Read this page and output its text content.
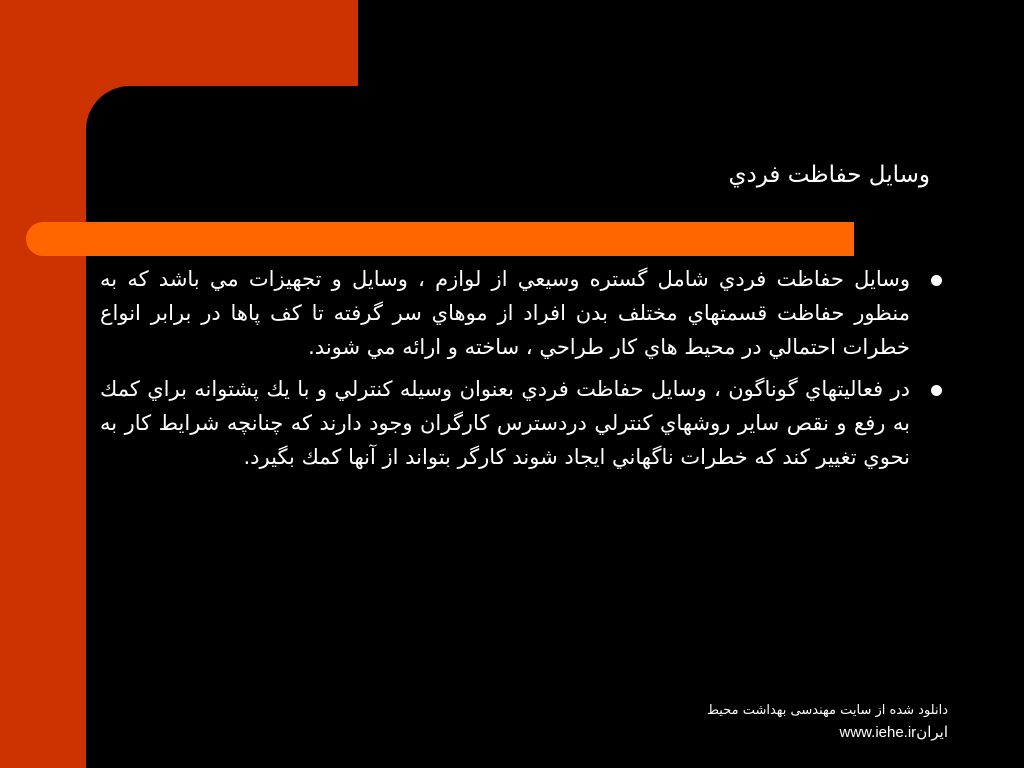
وسايل حفاظت فردي
وسايل حفاظت فردي شامل گستره وسيعي از لوازم ، وسايل و تجهيزات مي باشد كه به منظور حفاظت قسمتهاي مختلف بدن افراد از موهاي سر گرفته تا كف پاها در برابر انواع خطرات احتمالي در محيط هاي كار طراحي ، ساخته و ارائه مي شوند.
در فعاليتهاي گوناگون ، وسايل حفاظت فردي بعنوان وسيله كنترلي و با يك پشتوانه براي كمك به رفع و نقص ساير روشهاي كنترلي دردسترس كارگران وجود دارند كه چنانچه شرايط كار به نحوي تغيير كند كه خطرات ناگهاني ايجاد شوند كارگر بتواند از آنها كمك بگيرد.
دانلود شده از سایت مهندسی بهداشت محیط
www.iehe.irایران
